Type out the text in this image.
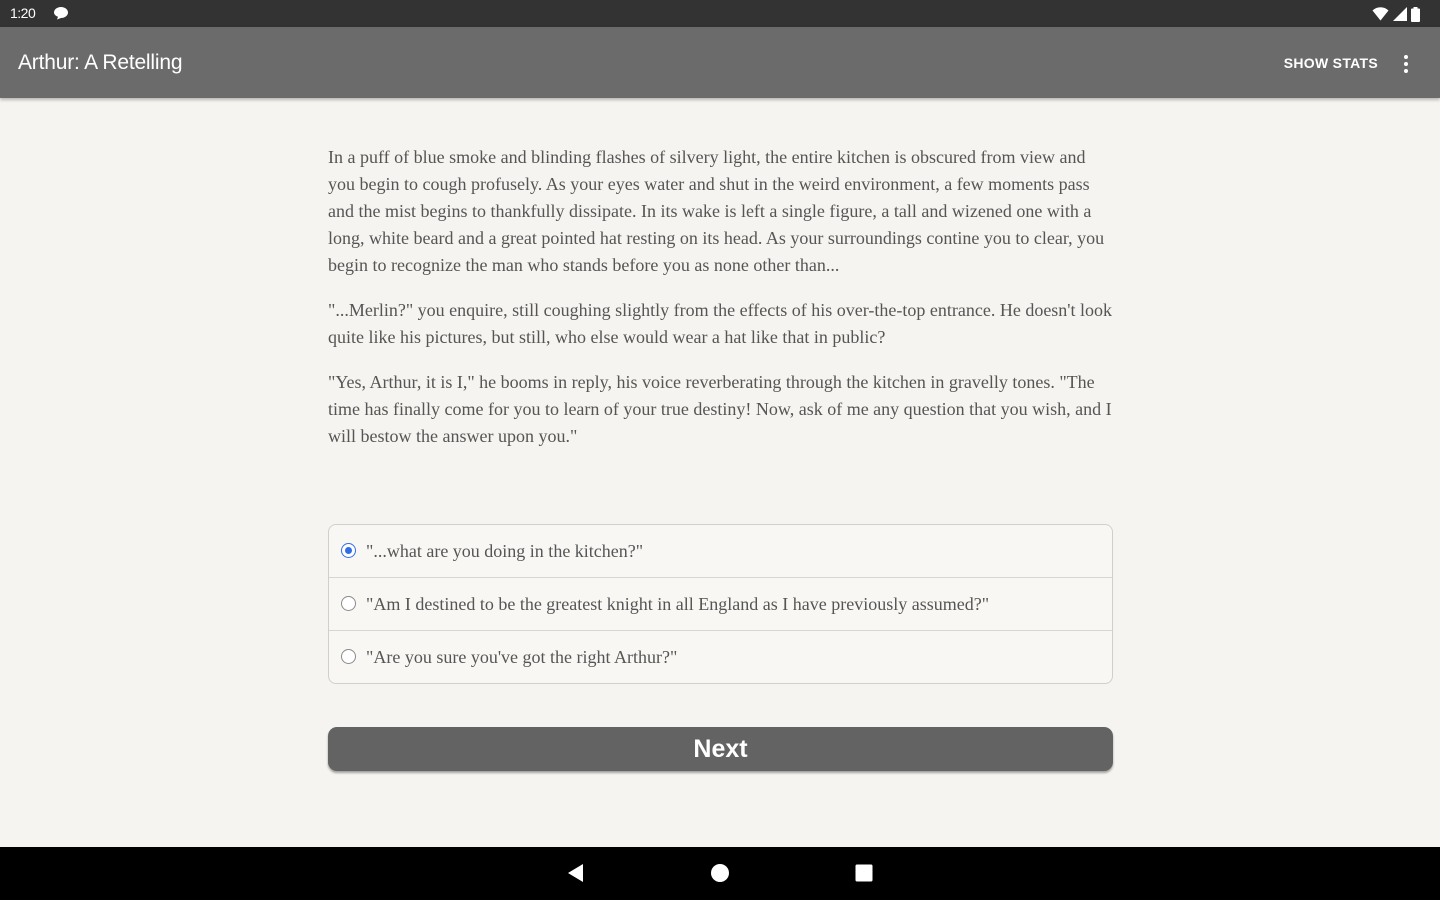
1:20
Arthur: A Retelling	SHOW STATS

In a puff of blue smoke and blinding flashes of silvery light, the entire kitchen is obscured from view and you begin to cough profusely. As your eyes water and shut in the weird environment, a few moments pass and the mist begins to thankfully dissipate. In its wake is left a single figure, a tall and wizened one with a long, white beard and a great pointed hat resting on its head. As your surroundings contine you to clear, you begin to recognize the man who stands before you as none other than...

"...Merlin?" you enquire, still coughing slightly from the effects of his over-the-top entrance. He doesn't look quite like his pictures, but still, who else would wear a hat like that in public?

"Yes, Arthur, it is I," he booms in reply, his voice reverberating through the kitchen in gravelly tones. "The time has finally come for you to learn of your true destiny! Now, ask of me any question that you wish, and I will bestow the answer upon you."

"...what are you doing in the kitchen?"
"Am I destined to be the greatest knight in all England as I have previously assumed?"
"Are you sure you've got the right Arthur?"
Next
